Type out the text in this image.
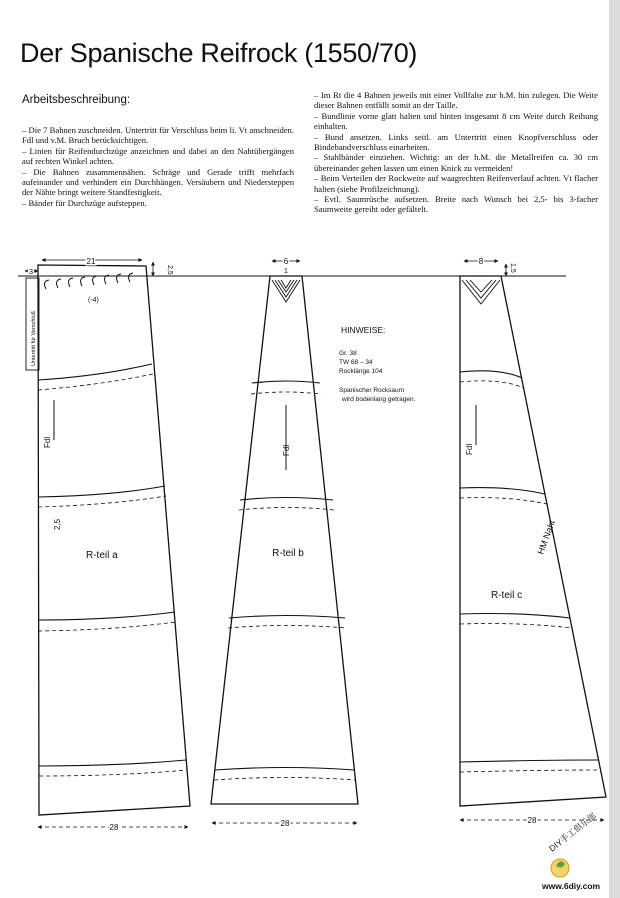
Der Spanische Reifrock (1550/70)
Arbeitsbeschreibung:

– Die 7 Bahnen zuschneiden. Untertritt für Verschluss beim li. Vt anschneiden. Fdl und v.M. Bruch berücksichtigen.

– Linien für Reifendurchzüge anzeichnen und dabei an den Nahtübergängen auf rechten Winkel achten.

– Die Bahnen zusammennähen. Schräge und Gerade trifft mehrfach aufeinander und verhindert ein Durchhängen. Versäubern und Niedersteppen der Nähte bringt weitere Standfestigkeit.

– Bänder für Durchzüge aufsteppen.

– Im Rt die 4 Bahnen jeweils mit einer Vollfalte zur h.M. hin zulegen. Die Weite dieser Bahnen entfällt somit an der Taille.

– Bundlinie vorne glatt halten und hinten insgesamt 8 cm Weite durch Reihung einhalten.

– Bund ansetzen. Links seitl. am Untertritt einen Knopfverschluss oder Bindebandverschluss einarbeiten.

– Stahlbänder einziehen. Wichtig: an der h.M. die Metallreifen ca. 30 cm übereinander gehen lassen um einen Knick zu vermeiden!

– Beim Verteilen der Rockweite auf waagrechten Reifenverlauf achten. Vt flacher halten (siehe Profilzeichnung).

– Evtl. Saumrüsche aufsetzen. Breite nach Wunsch bei 2,5- bis 3-facher Saumweite gereiht oder gefältelt.

21
3	2,5
(-4)
Untertritt für Verschluß
Fdl
2,5
R-teil a
28
6
1
Fdl
R-teil b
28
HINWEISE:
Gr. 38
TW 68 – 34
Rocklänge 104
Spanischer Rocksaum
wird bodenlang getragen.
8
1,5
Fdl
HM Naht
R-teil c
28 DIY手工俱乐部
www.6diy.com
